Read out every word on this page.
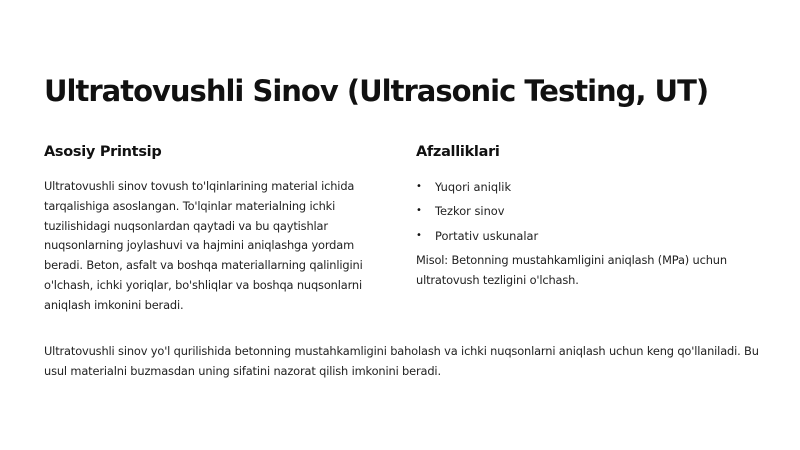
Ultratovushli Sinov (Ultrasonic Testing, UT)
Asosiy Printsip

Ultratovushli sinov tovush to'lqinlarining material ichida tarqalishiga asoslangan. To'lqinlar materialning ichki tuzilishidagi nuqsonlardan qaytadi va bu qaytishlar nuqsonlarning joylashuvi va hajmini aniqlashga yordam beradi. Beton, asfalt va boshqa materiallarning qalinligini o'lchash, ichki yoriqlar, bo'shliqlar va boshqa nuqsonlarni aniqlash imkonini beradi.

Afzalliklari
• Yuqori aniqlik
• Tezkor sinov
• Portativ uskunalar

Misol: Betonning mustahkamligini aniqlash (MPa) uchun ultratovush tezligini o'lchash.

Ultratovushli sinov yo'l qurilishida betonning mustahkamligini baholash va ichki nuqsonlarni aniqlash uchun keng qo'llaniladi. Bu usul materialni buzmasdan uning sifatini nazorat qilish imkonini beradi.
